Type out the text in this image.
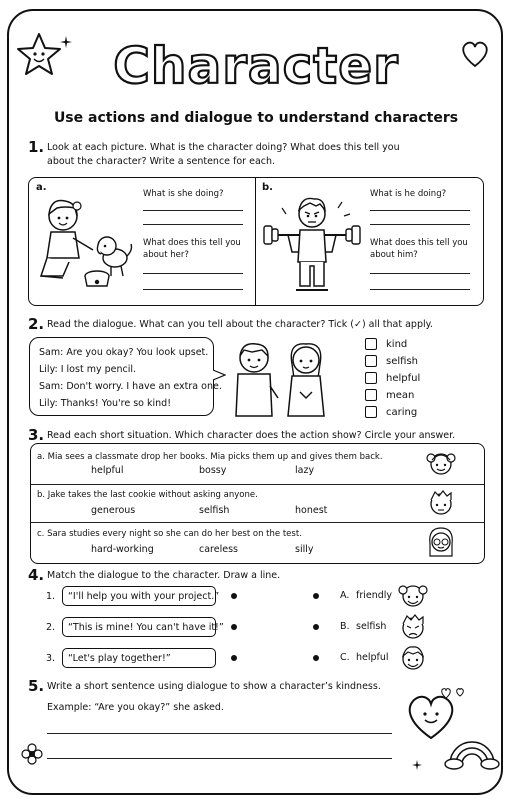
Character
Use actions and dialogue to understand characters
1. Look at each picture. What is the character doing? What does this tell you
about the character? Write a sentence for each.
a.
What is she doing?
What does this tell you
about her?
b.
What is he doing?
What does this tell you
about him?
2. Read the dialogue. What can you tell about the character? Tick (✓) all that apply.
Sam: Are you okay? You look upset.
Lily: I lost my pencil.
Sam: Don't worry. I have an extra one.
Lily: Thanks! You're so kind!
kind
selfish
helpful
mean
caring
3. Read each short situation. Which character does the action show? Circle your answer.
a. Mia sees a classmate drop her books. Mia picks them up and gives them back.
helpful	bossy	lazy
b. Jake takes the last cookie without asking anyone.
generous	selfish	honest
c. Sara studies every night so she can do her best on the test.
hard-working	careless	silly
4. Match the dialogue to the character. Draw a line.
1.	“I'll help you with your project.”
2.	“This is mine! You can't have it!”
3.	“Let's play together!”
A. friendly
B. selfish
C. helpful
5. Write a short sentence using dialogue to show a character’s kindness.
Example: “Are you okay?” she asked.
